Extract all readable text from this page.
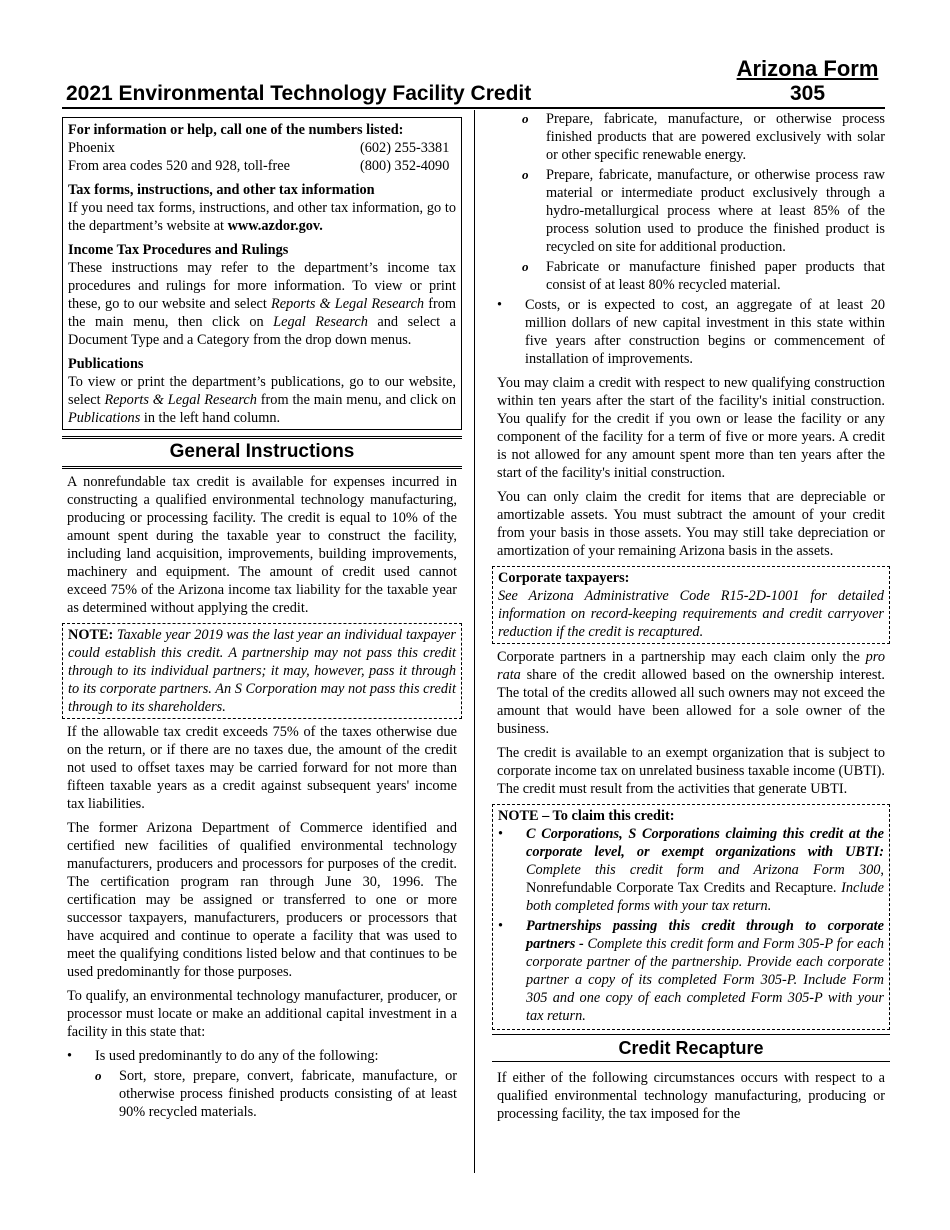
Arizona Form
305
2021 Environmental Technology Facility Credit

For information or help, call one of the numbers listed:

Phoenix	(602) 255-3381
From area codes 520 and 928, toll-free	(800) 352-4090

Tax forms, instructions, and other tax information

If you need tax forms, instructions, and other tax information, go to the department’s website at www.azdor.gov.

Income Tax Procedures and Rulings

These instructions may refer to the department’s income tax procedures and rulings for more information. To view or print these, go to our website and select Reports & Legal Research from the main menu, then click on Legal Research and select a Document Type and a Category from the drop down menus.

Publications

To view or print the department’s publications, go to our website, select Reports & Legal Research from the main menu, and click on Publications in the left hand column.

General Instructions

A nonrefundable tax credit is available for expenses incurred in constructing a qualified environmental technology manufacturing, producing or processing facility. The credit is equal to 10% of the amount spent during the taxable year to construct the facility, including land acquisition, improvements, building improvements, machinery and equipment. The amount of credit used cannot exceed 75% of the Arizona income tax liability for the taxable year as determined without applying the credit.

NOTE: Taxable year 2019 was the last year an individual taxpayer could establish this credit. A partnership may not pass this credit through to its individual partners; it may, however, pass it through to its corporate partners. An S Corporation may not pass this credit through to its shareholders.

If the allowable tax credit exceeds 75% of the taxes otherwise due on the return, or if there are no taxes due, the amount of the credit not used to offset taxes may be carried forward for not more than fifteen taxable years as a credit against subsequent years' income tax liabilities.

The former Arizona Department of Commerce identified and certified new facilities of qualified environmental technology manufacturers, producers and processors for purposes of the credit. The certification program ran through June 30, 1996. The certification may be assigned or transferred to one or more successor taxpayers, manufacturers, producers or processors that have acquired and continue to operate a facility that was used to meet the qualifying conditions listed below and that continues to be used predominantly for those purposes.

To qualify, an environmental technology manufacturer, producer, or processor must locate or make an additional capital investment in a facility in this state that:

•	Is used predominantly to do any of the following:
o	Sort, store, prepare, convert, fabricate, manufacture, or otherwise process finished products consisting of at least 90% recycled materials.
o	Prepare, fabricate, manufacture, or otherwise process finished products that are powered exclusively with solar or other specific renewable energy.
o	Prepare, fabricate, manufacture, or otherwise process raw material or intermediate product exclusively through a hydro-metallurgical process where at least 85% of the process solution used to produce the finished product is recycled on site for additional production.
o	Fabricate or manufacture finished paper products that consist of at least 80% recycled material.
•	Costs, or is expected to cost, an aggregate of at least 20 million dollars of new capital investment in this state within five years after construction begins or commencement of installation of improvements.

You may claim a credit with respect to new qualifying construction within ten years after the start of the facility's initial construction. You qualify for the credit if you own or lease the facility or any component of the facility for a term of five or more years. A credit is not allowed for any amount spent more than ten years after the start of the facility's initial construction.

You can only claim the credit for items that are depreciable or amortizable assets. You must subtract the amount of your credit from your basis in those assets. You may still take depreciation or amortization of your remaining Arizona basis in the assets.

Corporate taxpayers:

See Arizona Administrative Code R15-2D-1001 for detailed information on record-keeping requirements and credit carryover reduction if the credit is recaptured.

Corporate partners in a partnership may each claim only the pro rata share of the credit allowed based on the ownership interest. The total of the credits allowed all such owners may not exceed the amount that would have been allowed for a sole owner of the business.

The credit is available to an exempt organization that is subject to corporate income tax on unrelated business taxable income (UBTI). The credit must result from the activities that generate UBTI.

NOTE – To claim this credit:

•	C Corporations, S Corporations claiming this credit at the corporate level, or exempt organizations with UBTI: Complete this credit form and Arizona Form 300, Nonrefundable Corporate Tax Credits and Recapture. Include both completed forms with your tax return.
•	Partnerships passing this credit through to corporate partners - Complete this credit form and Form 305-P for each corporate partner of the partnership. Provide each corporate partner a copy of its completed Form 305-P. Include Form 305 and one copy of each completed Form 305-P with your tax return.
Credit Recapture

If either of the following circumstances occurs with respect to a qualified environmental technology manufacturing, producing or processing facility, the tax imposed for the
